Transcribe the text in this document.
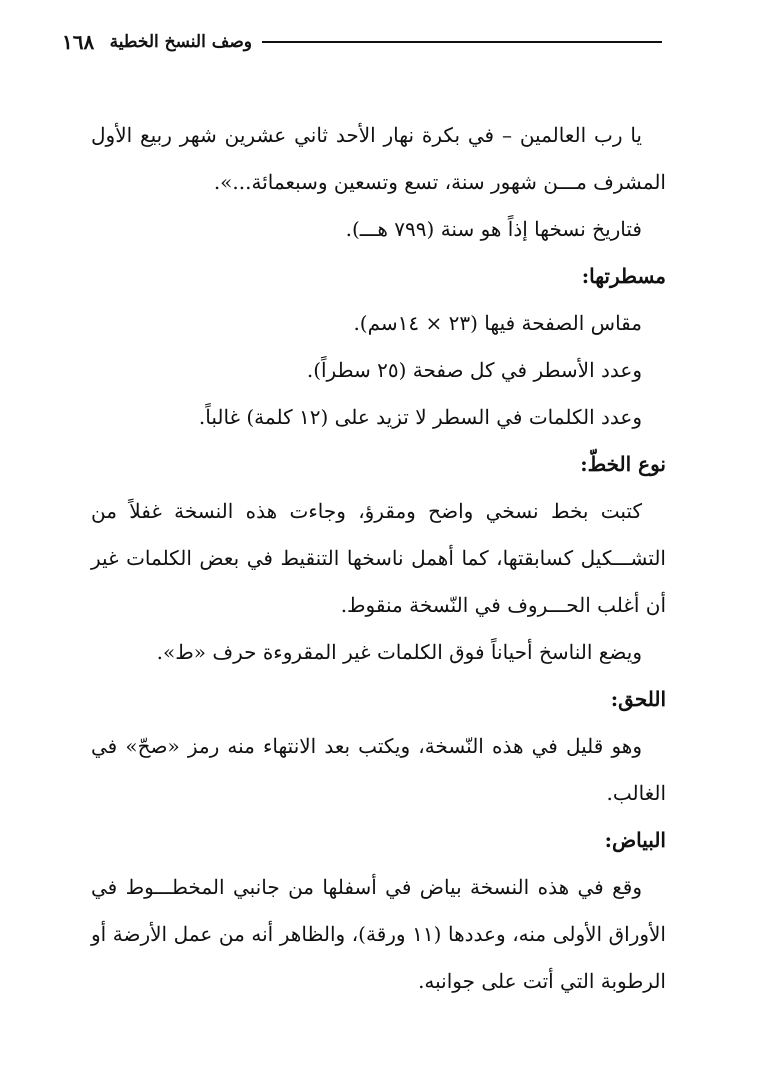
١٦٨ وصف النسخ الخطية

يا رب العالمين – في بكرة نهار الأحد ثاني عشرين شهر ربيع الأول المشرف مـــن شهور سنة، تسع وتسعين وسبعمائة...».

فتاريخ نسخها إذاً هو سنة (٧٩٩ هـــ).

مسطرتها:

مقاس الصفحة فيها (٢٣ × ١٤سم).

وعدد الأسطر في كل صفحة (٢٥ سطراً).

وعدد الكلمات في السطر لا تزيد على (١٢ كلمة) غالباً.

نوع الخطّ:

كتبت بخط نسخي واضح ومقرؤ، وجاءت هذه النسخة غفلاً من التشـــكيل كسابقتها، كما أهمل ناسخها التنقيط في بعض الكلمات غير أن أغلب الحـــروف في النّسخة منقوط.

ويضع الناسخ أحياناً فوق الكلمات غير المقروءة حرف «ط».

اللحق:

وهو قليل في هذه النّسخة، ويكتب بعد الانتهاء منه رمز «صحّ» في الغالب.

البياض:

وقع في هذه النسخة بياض في أسفلها من جانبي المخطـــوط في الأوراق الأولى منه، وعددها (١١ ورقة)، والظاهر أنه من عمل الأرضة أو الرطوبة التي أتت على جوانبه.
